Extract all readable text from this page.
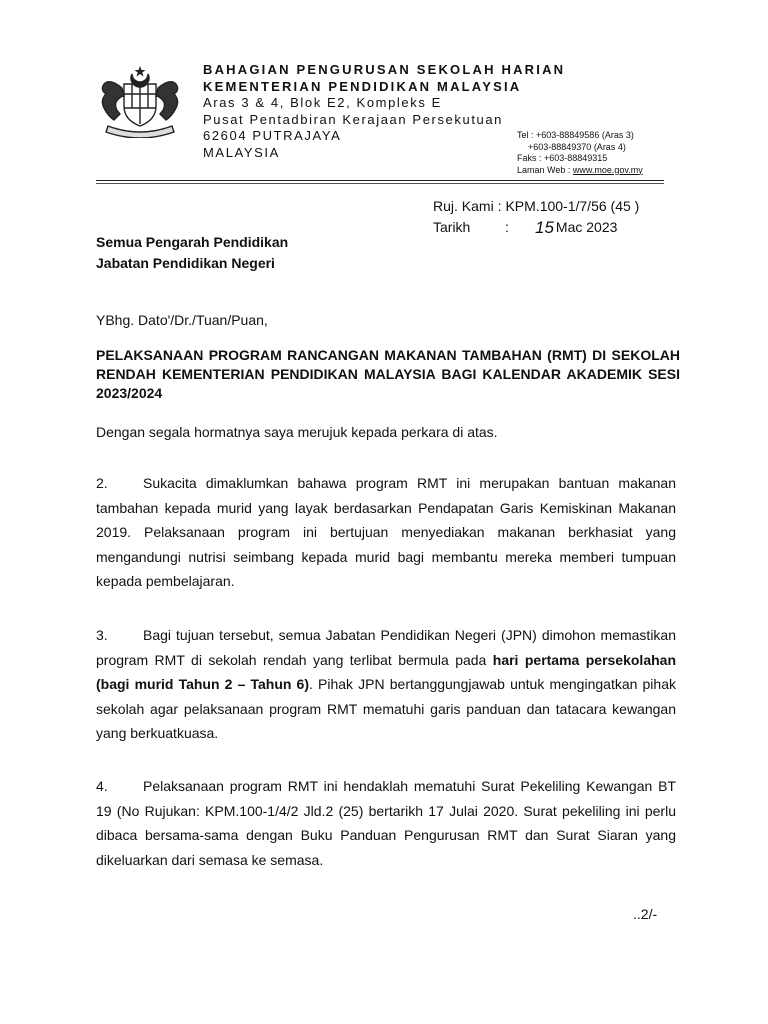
BAHAGIAN PENGURUSAN SEKOLAH HARIAN
KEMENTERIAN PENDIDIKAN MALAYSIA
Aras 3 & 4, Blok E2, Kompleks E
Pusat Pentadbiran Kerajaan Persekutuan
62604 PUTRAJAYA
MALAYSIA
Tel : +603-88849586 (Aras 3)
+603-88849370 (Aras 4)
Faks : +603-88849315
Laman Web : www.moe.gov.my
Ruj. Kami : KPM.100-1/7/56 (45 )
Tarikh	:	15 Mac 2023
Semua Pengarah Pendidikan
Jabatan Pendidikan Negeri
YBhg. Dato'/Dr./Tuan/Puan,
PELAKSANAAN PROGRAM RANCANGAN MAKANAN TAMBAHAN (RMT) DI SEKOLAH RENDAH KEMENTERIAN PENDIDIKAN MALAYSIA BAGI KALENDAR AKADEMIK SESI 2023/2024
Dengan segala hormatnya saya merujuk kepada perkara di atas.
2.	Sukacita dimaklumkan bahawa program RMT ini merupakan bantuan makanan tambahan kepada murid yang layak berdasarkan Pendapatan Garis Kemiskinan Makanan 2019. Pelaksanaan program ini bertujuan menyediakan makanan berkhasiat yang mengandungi nutrisi seimbang kepada murid bagi membantu mereka memberi tumpuan kepada pembelajaran.
3.	Bagi tujuan tersebut, semua Jabatan Pendidikan Negeri (JPN) dimohon memastikan program RMT di sekolah rendah yang terlibat bermula pada hari pertama persekolahan (bagi murid Tahun 2 – Tahun 6). Pihak JPN bertanggungjawab untuk mengingatkan pihak sekolah agar pelaksanaan program RMT mematuhi garis panduan dan tatacara kewangan yang berkuatkuasa.
4.	Pelaksanaan program RMT ini hendaklah mematuhi Surat Pekeliling Kewangan BT 19 (No Rujukan: KPM.100-1/4/2 Jld.2 (25) bertarikh 17 Julai 2020. Surat pekeliling ini perlu dibaca bersama-sama dengan Buku Panduan Pengurusan RMT dan Surat Siaran yang dikeluarkan dari semasa ke semasa.
..2/-
